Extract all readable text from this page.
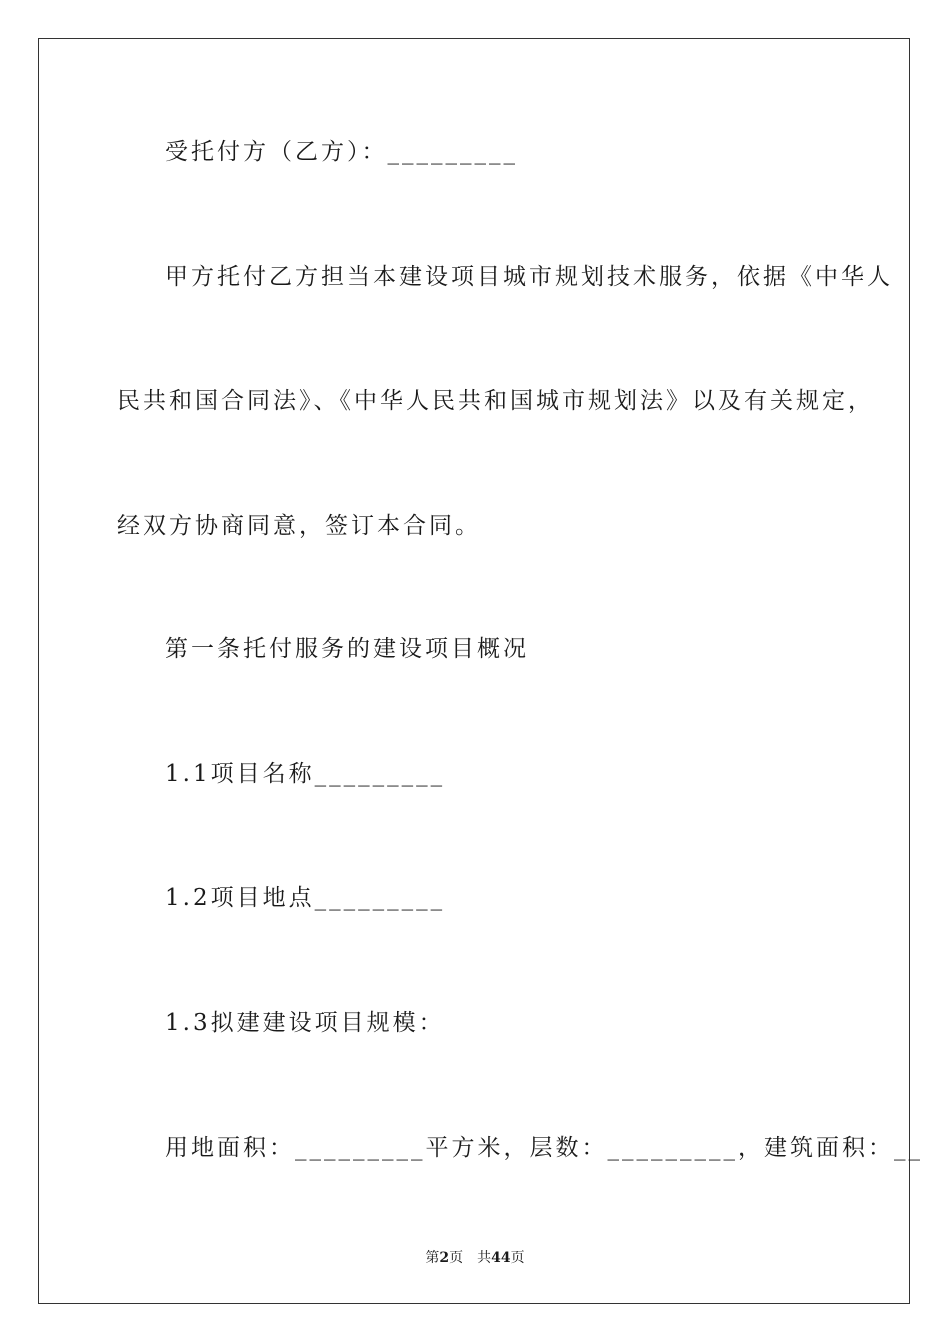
受托付方（乙方）：_________
甲方托付乙方担当本建设项目城市规划技术服务，依据《中华人
民共和国合同法》、《中华人民共和国城市规划法》以及有关规定，
经双方协商同意，签订本合同。
第一条托付服务的建设项目概况
1.1项目名称_________
1.2项目地点_________
1.3拟建建设项目规模：
用地面积：_________平方米，层数：_________，建筑面积：__
第2页 共44页
